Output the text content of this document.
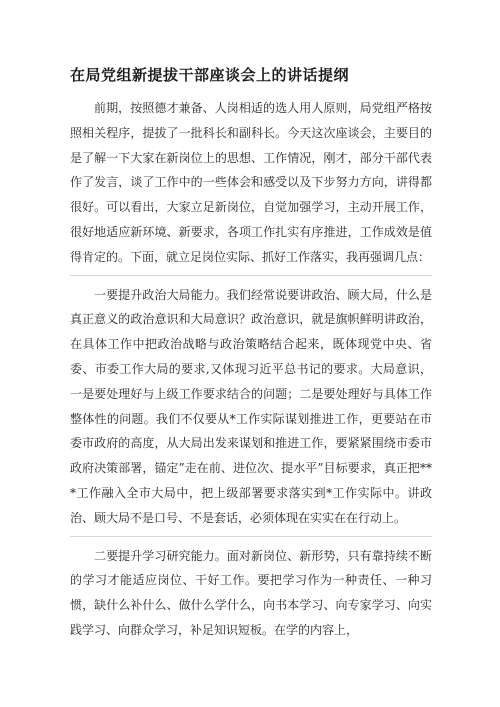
在局党组新提拔干部座谈会上的讲话提纲

前期，按照德才兼备、人岗相适的选人用人原则，局党组严格按照相关程序，提拔了一批科长和副科长。今天这次座谈会，主要目的是了解一下大家在新岗位上的思想、工作情况，刚才，部分干部代表作了发言，谈了工作中的一些体会和感受以及下步努力方向，讲得都很好。可以看出，大家立足新岗位，自觉加强学习，主动开展工作，很好地适应新环境、新要求，各项工作扎实有序推进，工作成效是值得肯定的。下面，就立足岗位实际、抓好工作落实，我再强调几点：

一要提升政治大局能力。我们经常说要讲政治、顾大局，什么是真正意义的政治意识和大局意识？政治意识，就是旗帜鲜明讲政治，在具体工作中把政治战略与政治策略结合起来，既体现党中央、省委、市委工作大局的要求,又体现习近平总书记的要求。大局意识，一是要处理好与上级工作要求结合的问题；二是要处理好与具体工作整体性的问题。我们不仅要从*工作实际谋划推进工作，更要站在市委市政府的高度，从大局出发来谋划和推进工作，要紧紧围绕市委市政府决策部署，锚定”走在前、进位次、提水平”目标要求，真正把***工作融入全市大局中，把上级部署要求落实到*工作实际中。讲政治、顾大局不是口号、不是套话，必须体现在实实在在行动上。

二要提升学习研究能力。面对新岗位、新形势，只有靠持续不断的学习才能适应岗位、干好工作。要把学习作为一种责任、一种习惯，缺什么补什么、做什么学什么，向书本学习、向专家学习、向实践学习、向群众学习，补足知识短板。在学的内容上，
